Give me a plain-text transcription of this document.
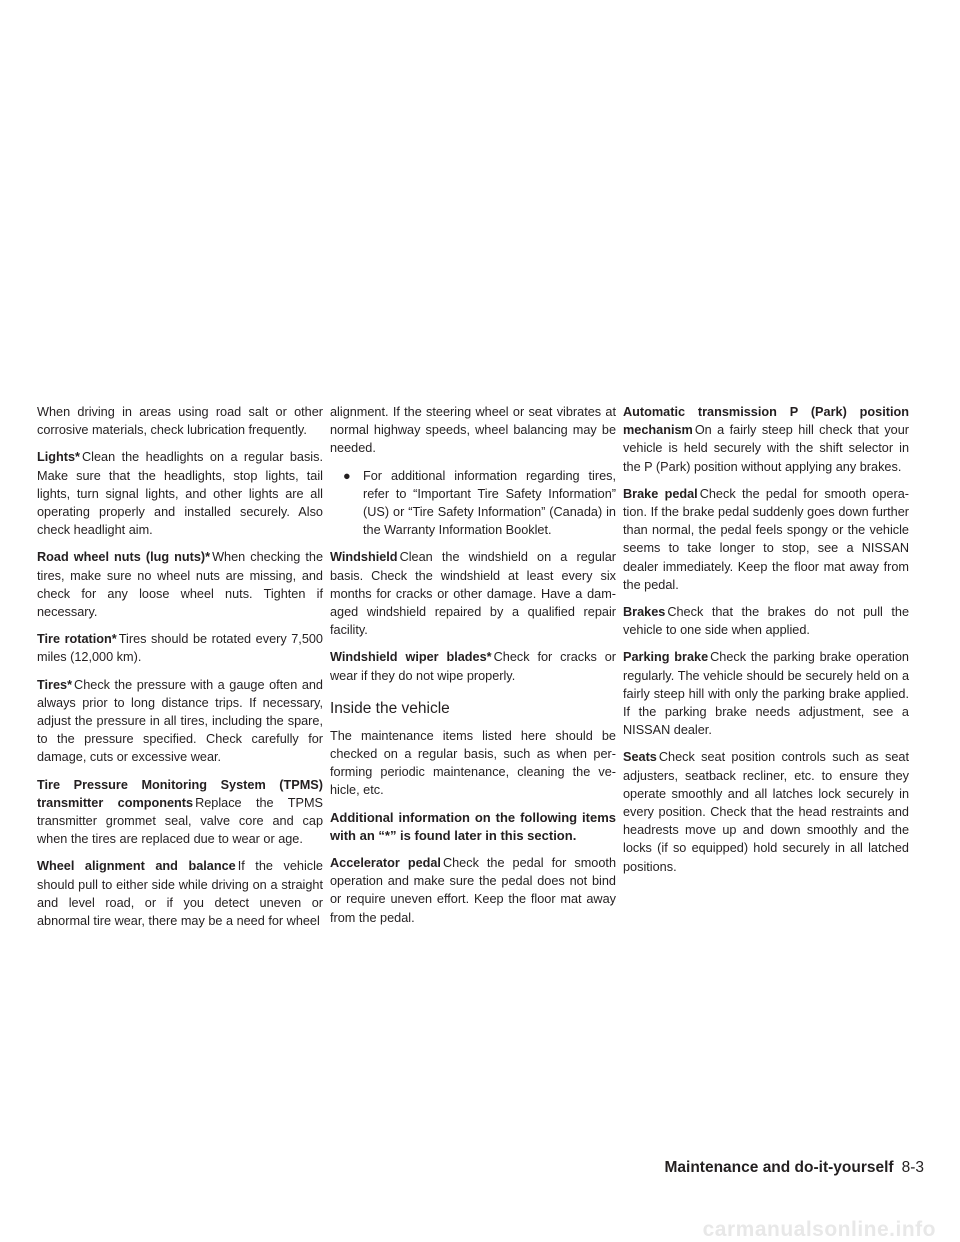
When driving in areas using road salt or other corrosive materials, check lubrication frequently.

Lights* Clean the headlights on a regular basis. Make sure that the headlights, stop lights, tail lights, turn signal lights, and other lights are all operating properly and installed securely. Also check headlight aim.

Road wheel nuts (lug nuts)* When checking the tires, make sure no wheel nuts are missing, and check for any loose wheel nuts. Tighten if necessary.

Tire rotation* Tires should be rotated every 7,500 miles (12,000 km).

Tires* Check the pressure with a gauge often and always prior to long distance trips. If necessary, adjust the pressure in all tires, including the spare, to the pressure specified. Check carefully for damage, cuts or excessive wear.

Tire Pressure Monitoring System (TPMS) transmitter components Replace the TPMS transmitter grommet seal, valve core and cap when the tires are replaced due to wear or age.

Wheel alignment and balance If the vehicle should pull to either side while driving on a straight and level road, or if you detect uneven or abnormal tire wear, there may be a need for wheel

alignment. If the steering wheel or seat vibrates at normal highway speeds, wheel balancing may be needed.

● For additional information regarding tires, refer to “Important Tire Safety Information” (US) or “Tire Safety Information” (Canada) in the Warranty Information Booklet.

Windshield Clean the windshield on a regular basis. Check the windshield at least every six months for cracks or other damage. Have a damaged windshield repaired by a qualified repair facility.

Windshield wiper blades* Check for cracks or wear if they do not wipe properly.

Inside the vehicle

The maintenance items listed here should be checked on a regular basis, such as when performing periodic maintenance, cleaning the vehicle, etc.

Additional information on the following items with an “*” is found later in this section.

Accelerator pedal Check the pedal for smooth operation and make sure the pedal does not bind or require uneven effort. Keep the floor mat away from the pedal.

Automatic transmission P (Park) position mechanism On a fairly steep hill check that your vehicle is held securely with the shift selector in the P (Park) position without applying any brakes.

Brake pedal Check the pedal for smooth operation. If the brake pedal suddenly goes down further than normal, the pedal feels spongy or the vehicle seems to take longer to stop, see a NISSAN dealer immediately. Keep the floor mat away from the pedal.

Brakes Check that the brakes do not pull the vehicle to one side when applied.

Parking brake Check the parking brake operation regularly. The vehicle should be securely held on a fairly steep hill with only the parking brake applied. If the parking brake needs adjustment, see a NISSAN dealer.

Seats Check seat position controls such as seat adjusters, seatback recliner, etc. to ensure they operate smoothly and all latches lock securely in every position. Check that the head restraints and headrests move up and down smoothly and the locks (if so equipped) hold securely in all latched positions.

Maintenance and do-it-yourself 8-3
carmanualsonline.info
